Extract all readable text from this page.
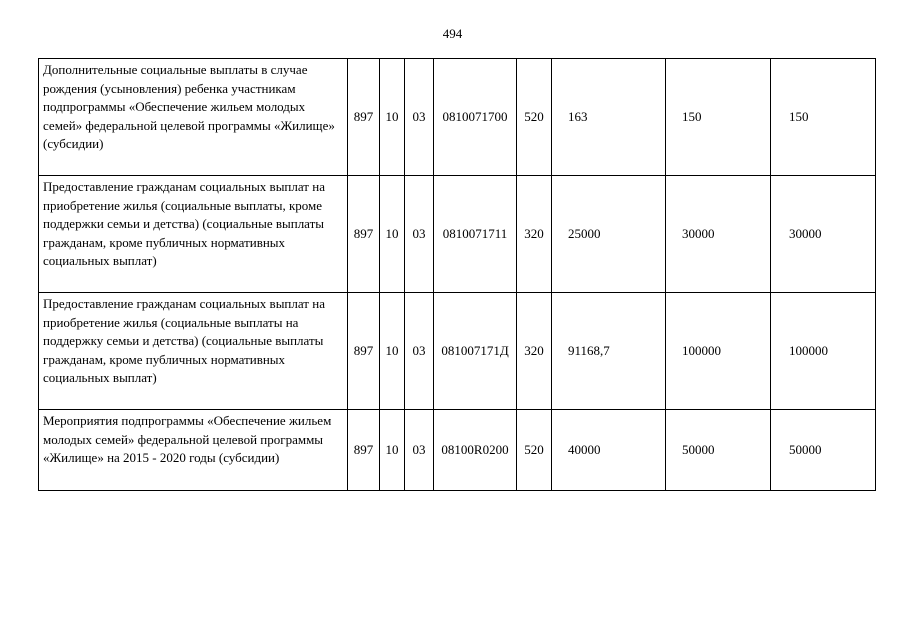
494
Дополнительные социальные выплаты в случае рождения (усыновления) ребенка участникам подпрограммы «Обеспечение жильем молодых семей» федеральной целевой программы «Жилище» (субсидии)	897	10	03	0810071700	520	163	150	150
Предоставление гражданам социальных выплат на приобретение жилья (социальные выплаты, кроме поддержки семьи и детства) (социальные выплаты гражданам, кроме публичных нормативных социальных выплат)	897	10	03	0810071711	320	25000	30000	30000
Предоставление гражданам социальных выплат на приобретение жилья (социальные выплаты на поддержку семьи и детства) (социальные выплаты гражданам, кроме публичных нормативных социальных выплат)	897	10	03	081007171Д	320	91168,7	100000	100000
Мероприятия подпрограммы «Обеспечение жильем молодых семей» федеральной целевой программы «Жилище» на 2015 - 2020 годы (субсидии)	897	10	03	08100R0200	520	40000	50000	50000
